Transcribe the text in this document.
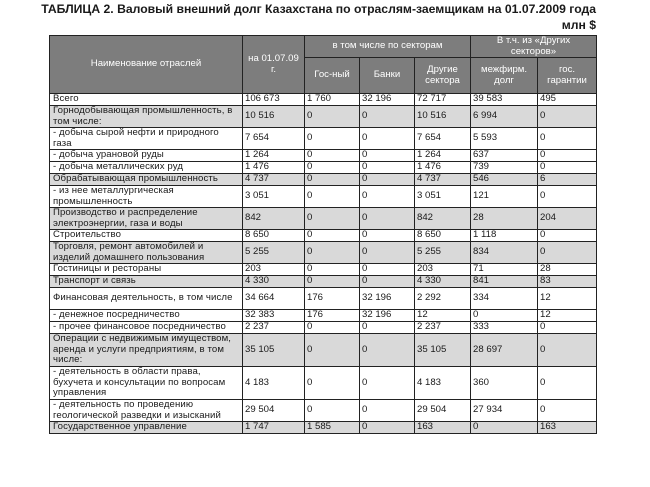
ТАБЛИЦА 2. Валовый внешний долг Казахстана по отраслям-заемщикам на 01.07.2009 года
млн $
Наименование отраслей	на 01.07.09 г.	в том числе по секторам			В т.ч. из «Других секторов»	
		Гос-ный	Банки	Другие сектора	межфирм. долг	гос. гарантии
Всего	106 673	1 760	32 196	72 717	39 583	495
Горнодобывающая промышленность, в том числе:	10 516	0	0	10 516	6 994	0
- добыча сырой нефти и природного газа	7 654	0	0	7 654	5 593	0
- добыча урановой руды	1 264	0	0	1 264	637	0
- добыча металлических руд	1 476	0	0	1 476	739	0
Обрабатывающая промышленность	4 737	0	0	4 737	546	6
- из нее металлургическая промышленность	3 051	0	0	3 051	121	0
Производство и распределение электроэнергии, газа и воды	842	0	0	842	28	204
Строительство	8 650	0	0	8 650	1 118	0
Торговля, ремонт автомобилей и изделий домашнего пользования	5 255	0	0	5 255	834	0
Гостиницы и рестораны	203	0	0	203	71	28
Транспорт и связь	4 330	0	0	4 330	841	83
Финансовая деятельность, в том числе	34 664	176	32 196	2 292	334	12
- денежное посредничество	32 383	176	32 196	12	0	12
- прочее финансовое посредничество	2 237	0	0	2 237	333	0
Операции с недвижимым имуществом, аренда и услуги предприятиям, в том числе:	35 105	0	0	35 105	28 697	0
- деятельность в области права, бухучета и консультации по вопросам управления	4 183	0	0	4 183	360	0
- деятельность по проведению геологической разведки и изысканий	29 504	0	0	29 504	27 934	0
Государственное управление	1 747	1 585	0	163	0	163
